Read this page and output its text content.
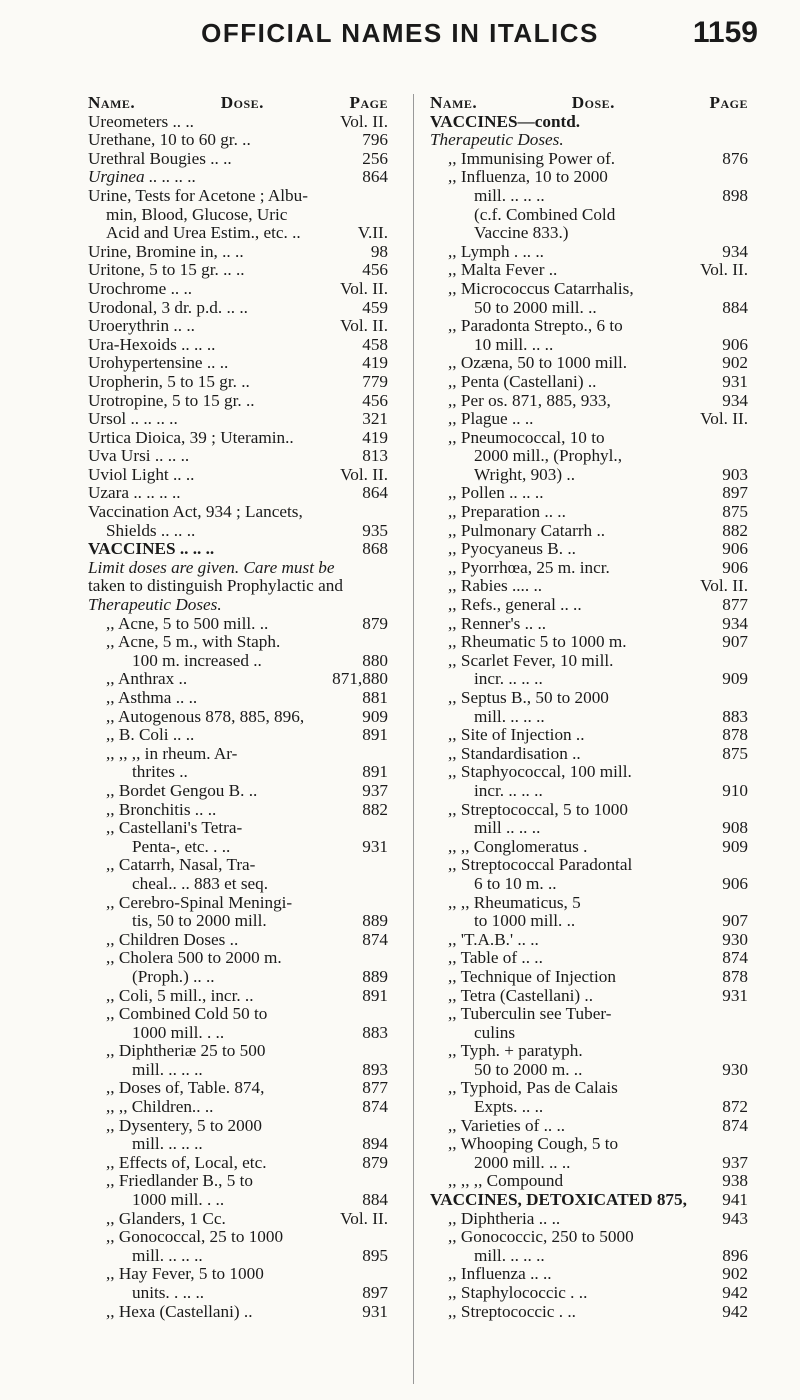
OFFICIAL NAMES IN ITALICS	1159
Name.	Dose.	Page
Ureometers .. ..	Vol. II.
Urethane, 10 to 60 gr. ..	796
Urethral Bougies .. ..	256
Urginea .. .. .. ..	864
Urine, Tests for Acetone ; Albu-
min, Blood, Glucose, Uric
Acid and Urea Estim., etc. ..	V.II.
Urine, Bromine in, .. ..	98
Uritone, 5 to 15 gr. .. ..	456
Urochrome .. ..	Vol. II.
Urodonal, 3 dr. p.d. .. ..	459
Uroerythrin .. ..	Vol. II.
Ura-Hexoids .. .. ..	458
Urohypertensine .. ..	419
Uropherin, 5 to 15 gr. ..	779
Urotropine, 5 to 15 gr. ..	456
Ursol .. .. .. ..	321
Urtica Dioica, 39 ; Uteramin..	419
Uva Ursi .. .. ..	813
Uviol Light .. ..	Vol. II.
Uzara .. .. .. ..	864
Vaccination Act, 934 ; Lancets,
Shields .. .. ..	935
VACCINES .. .. ..	868
Limit doses are given. Care must be
taken to distinguish Prophylactic and
Therapeutic Doses.
,, Acne, 5 to 500 mill. ..	879
,, Acne, 5 m., with Staph.
100 m. increased ..	880
,, Anthrax ..	871,880
,, Asthma .. ..	881
,, Autogenous 878, 885, 896,	909
,, B. Coli .. ..	891
,, ,, ,, in rheum. Ar-
thrites ..	891
,, Bordet Gengou B. ..	937
,, Bronchitis .. ..	882
,, Castellani's Tetra-
Penta-, etc. . ..	931
,, Catarrh, Nasal, Tra-
cheal.. .. 883 et seq.
,, Cerebro-Spinal Meningi-
tis, 50 to 2000 mill.	889
,, Children Doses ..	874
,, Cholera 500 to 2000 m.
(Proph.) .. ..	889
,, Coli, 5 mill., incr. ..	891
,, Combined Cold 50 to
1000 mill. . ..	883
,, Diphtheriæ 25 to 500
mill. .. .. ..	893
,, Doses of, Table. 874,	877
,, ,, Children.. ..	874
,, Dysentery, 5 to 2000
mill. .. .. ..	894
,, Effects of, Local, etc.	879
,, Friedlander B., 5 to
1000 mill. . ..	884
,, Glanders, 1 Cc.	Vol. II.
,, Gonococcal, 25 to 1000
mill. .. .. ..	895
,, Hay Fever, 5 to 1000
units. . .. ..	897
,, Hexa (Castellani) ..	931
Name.	Dose.	Page
VACCINES—contd.
Therapeutic Doses.
,, Immunising Power of.	876
,, Influenza, 10 to 2000
mill. .. .. ..	898
(c.f. Combined Cold
Vaccine 833.)
,, Lymph . .. ..	934
,, Malta Fever ..	Vol. II.
,, Micrococcus Catarrhalis,
50 to 2000 mill. ..	884
,, Paradonta Strepto., 6 to
10 mill. .. ..	906
,, Ozæna, 50 to 1000 mill.	902
,, Penta (Castellani) ..	931
,, Per os. 871, 885, 933,	934
,, Plague .. ..	Vol. II.
,, Pneumococcal, 10 to
2000 mill., (Prophyl.,
Wright, 903) ..	903
,, Pollen .. .. ..	897
,, Preparation .. ..	875
,, Pulmonary Catarrh ..	882
,, Pyocyaneus B. ..	906
,, Pyorrhœa, 25 m. incr.	906
,, Rabies .... ..	Vol. II.
,, Refs., general .. ..	877
,, Renner's .. ..	934
,, Rheumatic 5 to 1000 m.	907
,, Scarlet Fever, 10 mill.
incr. .. .. ..	909
,, Septus B., 50 to 2000
mill. .. .. ..	883
,, Site of Injection ..	878
,, Standardisation ..	875
,, Staphyococcal, 100 mill.
incr. .. .. ..	910
,, Streptococcal, 5 to 1000
mill .. .. ..	908
,, ,, Conglomeratus .	909
,, Streptococcal Paradontal
6 to 10 m. ..	906
,, ,, Rheumaticus, 5
to 1000 mill. ..	907
,, 'T.A.B.' .. ..	930
,, Table of .. ..	874
,, Technique of Injection	878
,, Tetra (Castellani) ..	931
,, Tuberculin see Tuber-
culins
,, Typh. + paratyph.
50 to 2000 m. ..	930
,, Typhoid, Pas de Calais
Expts. .. ..	872
,, Varieties of .. ..	874
,, Whooping Cough, 5 to
2000 mill. .. ..	937
,, ,, ,, Compound	938
VACCINES, DETOXICATED 875, 941
,, Diphtheria .. ..	943
,, Gonococcic, 250 to 5000
mill. .. .. ..	896
,, Influenza .. ..	902
,, Staphylococcic . ..	942
,, Streptococcic . ..	942
